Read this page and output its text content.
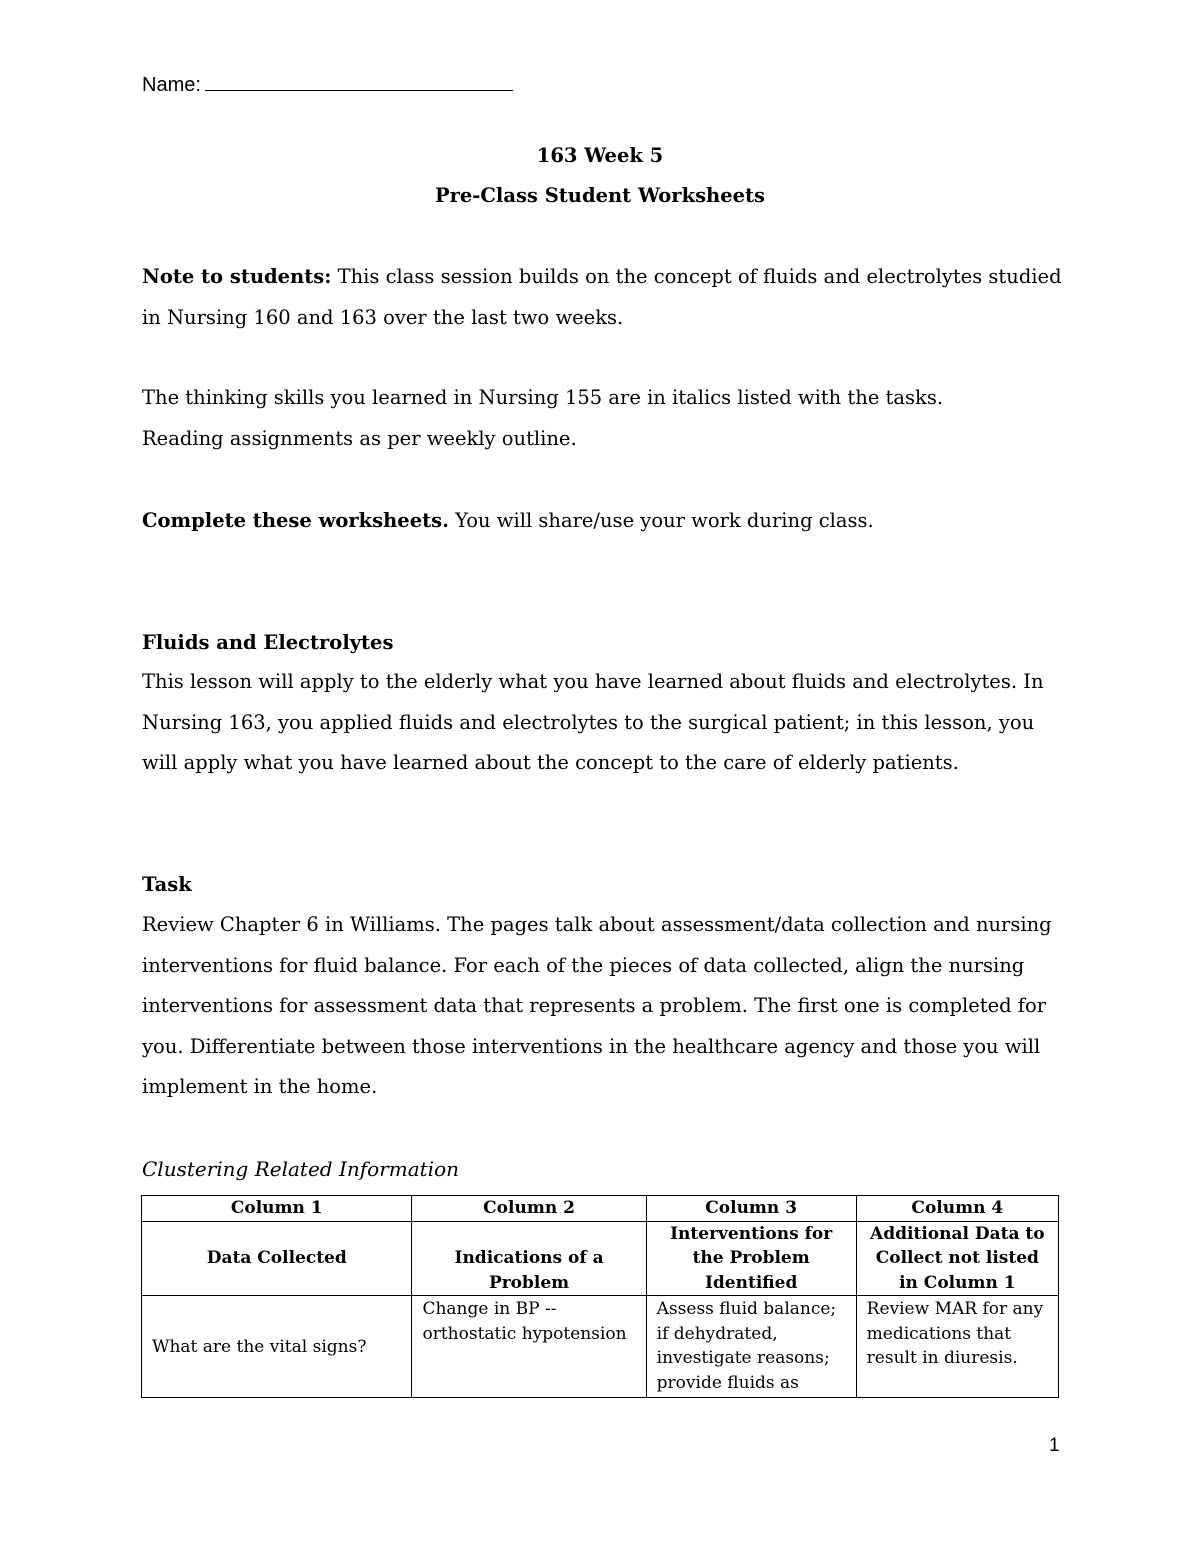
Name:
163 Week 5
Pre-Class Student Worksheets

Note to students: This class session builds on the concept of fluids and electrolytes studied in Nursing 160 and 163 over the last two weeks.

The thinking skills you learned in Nursing 155 are in italics listed with the tasks.

Reading assignments as per weekly outline.

Complete these worksheets. You will share/use your work during class.

Fluids and Electrolytes

This lesson will apply to the elderly what you have learned about fluids and electrolytes. In Nursing 163, you applied fluids and electrolytes to the surgical patient; in this lesson, you will apply what you have learned about the concept to the care of elderly patients.

Task

Review Chapter 6 in Williams. The pages talk about assessment/data collection and nursing interventions for fluid balance. For each of the pieces of data collected, align the nursing interventions for assessment data that represents a problem. The first one is completed for you. Differentiate between those interventions in the healthcare agency and those you will implement in the home.

Clustering Related Information
Column 1	Column 2	Column 3	Column 4

Data Collected	Indications of a Problem	Interventions for the Problem Identified	Additional Data to Collect not listed in Column 1

What are the vital signs?	Change in BP -- orthostatic hypotension	Assess fluid balance; if dehydrated, investigate reasons; provide fluids as	Review MAR for any medications that result in diuresis.
1
